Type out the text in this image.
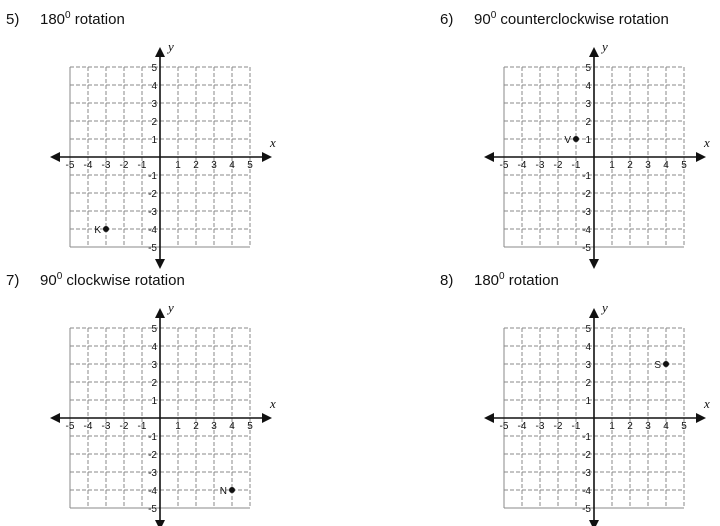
5) $180^0$ rotation
x
y
-5 -4 -3 -2 -1	1 2 3 4 5
5
4
3
2
1
-1
-2
-3
-4
-5
K
6) $90^0$ counterclockwise rotation
x
y
-5 -4 -3 -2 -1	1 2 3 4 5
5
4
3
2
1
-1
-2
-3
-4
-5
V
7) $90^0$ clockwise rotation
x
y
-5 -4 -3 -2 -1	1 2 3 4 5
5
4
3
2
1
-1
-2
-3
-4
-5
N
8) $180^0$ rotation
x
y
-5 -4 -3 -2 -1	1 2 3 4 5
5
4
3
2
1
-1
-2
-3
-4
-5
S
